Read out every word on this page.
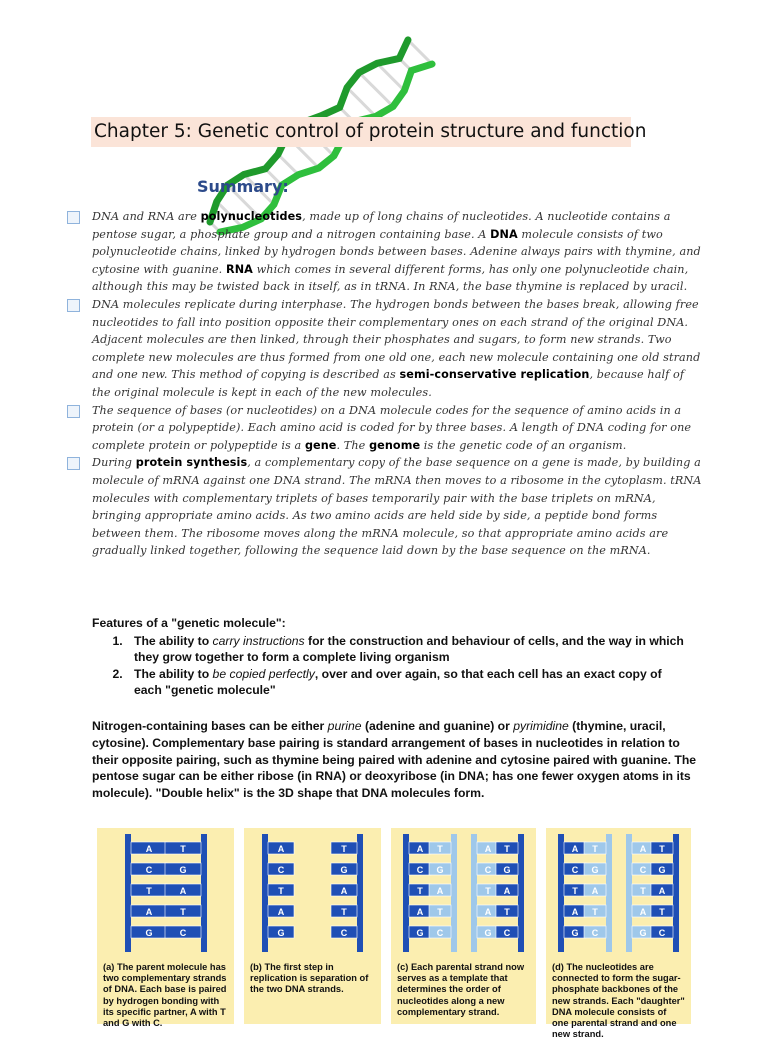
Chapter 5: Genetic control of protein structure and function
Summary:

DNA and RNA are polynucleotides, made up of long chains of nucleotides. A nucleotide contains a pentose sugar, a phosphate group and a nitrogen containing base. A DNA molecule consists of two polynucleotide chains, linked by hydrogen bonds between bases. Adenine always pairs with thymine, and cytosine with guanine. RNA which comes in several different forms, has only one polynucleotide chain, although this may be twisted back in itself, as in tRNA. In RNA, the base thymine is replaced by uracil.

DNA molecules replicate during interphase. The hydrogen bonds between the bases break, allowing free nucleotides to fall into position opposite their complementary ones on each strand of the original DNA. Adjacent molecules are then linked, through their phosphates and sugars, to form new strands. Two complete new molecules are thus formed from one old one, each new molecule containing one old strand and one new. This method of copying is described as semi-conservative replication, because half of the original molecule is kept in each of the new molecules.

The sequence of bases (or nucleotides) on a DNA molecule codes for the sequence of amino acids in a protein (or a polypeptide). Each amino acid is coded for by three bases. A length of DNA coding for one complete protein or polypeptide is a gene. The genome is the genetic code of an organism.

During protein synthesis, a complementary copy of the base sequence on a gene is made, by building a molecule of mRNA against one DNA strand. The mRNA then moves to a ribosome in the cytoplasm. tRNA molecules with complementary triplets of bases temporarily pair with the base triplets on mRNA, bringing appropriate amino acids. As two amino acids are held side by side, a peptide bond forms between them. The ribosome moves along the mRNA molecule, so that appropriate amino acids are gradually linked together, following the sequence laid down by the base sequence on the mRNA.

Features of a "genetic molecule":
1. The ability to carry instructions for the construction and behaviour of cells, and the way in which they grow together to form a complete living organism
2. The ability to be copied perfectly, over and over again, so that each cell has an exact copy of each "genetic molecule"

Nitrogen-containing bases can be either purine (adenine and guanine) or pyrimidine (thymine, uracil, cytosine). Complementary base pairing is standard arrangement of bases in nucleotides in relation to their opposite pairing, such as thymine being paired with adenine and cytosine paired with guanine. The pentose sugar can be either ribose (in RNA) or deoxyribose (in DNA; has one fewer oxygen atoms in its molecule). "Double helix" is the 3D shape that DNA molecules form.

A
C
T
A
G
T
G
A
T
C
(a) The parent molecule has two complementary strands of DNA. Each base is paired by hydrogen bonding with its specific partner, A with T and G with C.
A
C
T
A
G
T
G
A
T
C
(b) The first step in replication is separation of the two DNA strands.
A
C
T
A
G
T
G
A
T
C
A
C
T
A
G
T
G
A
T
C
(c) Each parental strand now serves as a template that determines the order of nucleotides along a new complementary strand.
A
C
T
A
G
T
G
A
T
C
A
C
T
A
G
T
G
A
T
C
(d) The nucleotides are connected to form the sugar-phosphate backbones of the new strands. Each "daughter" DNA molecule consists of one parental strand and one new strand.
